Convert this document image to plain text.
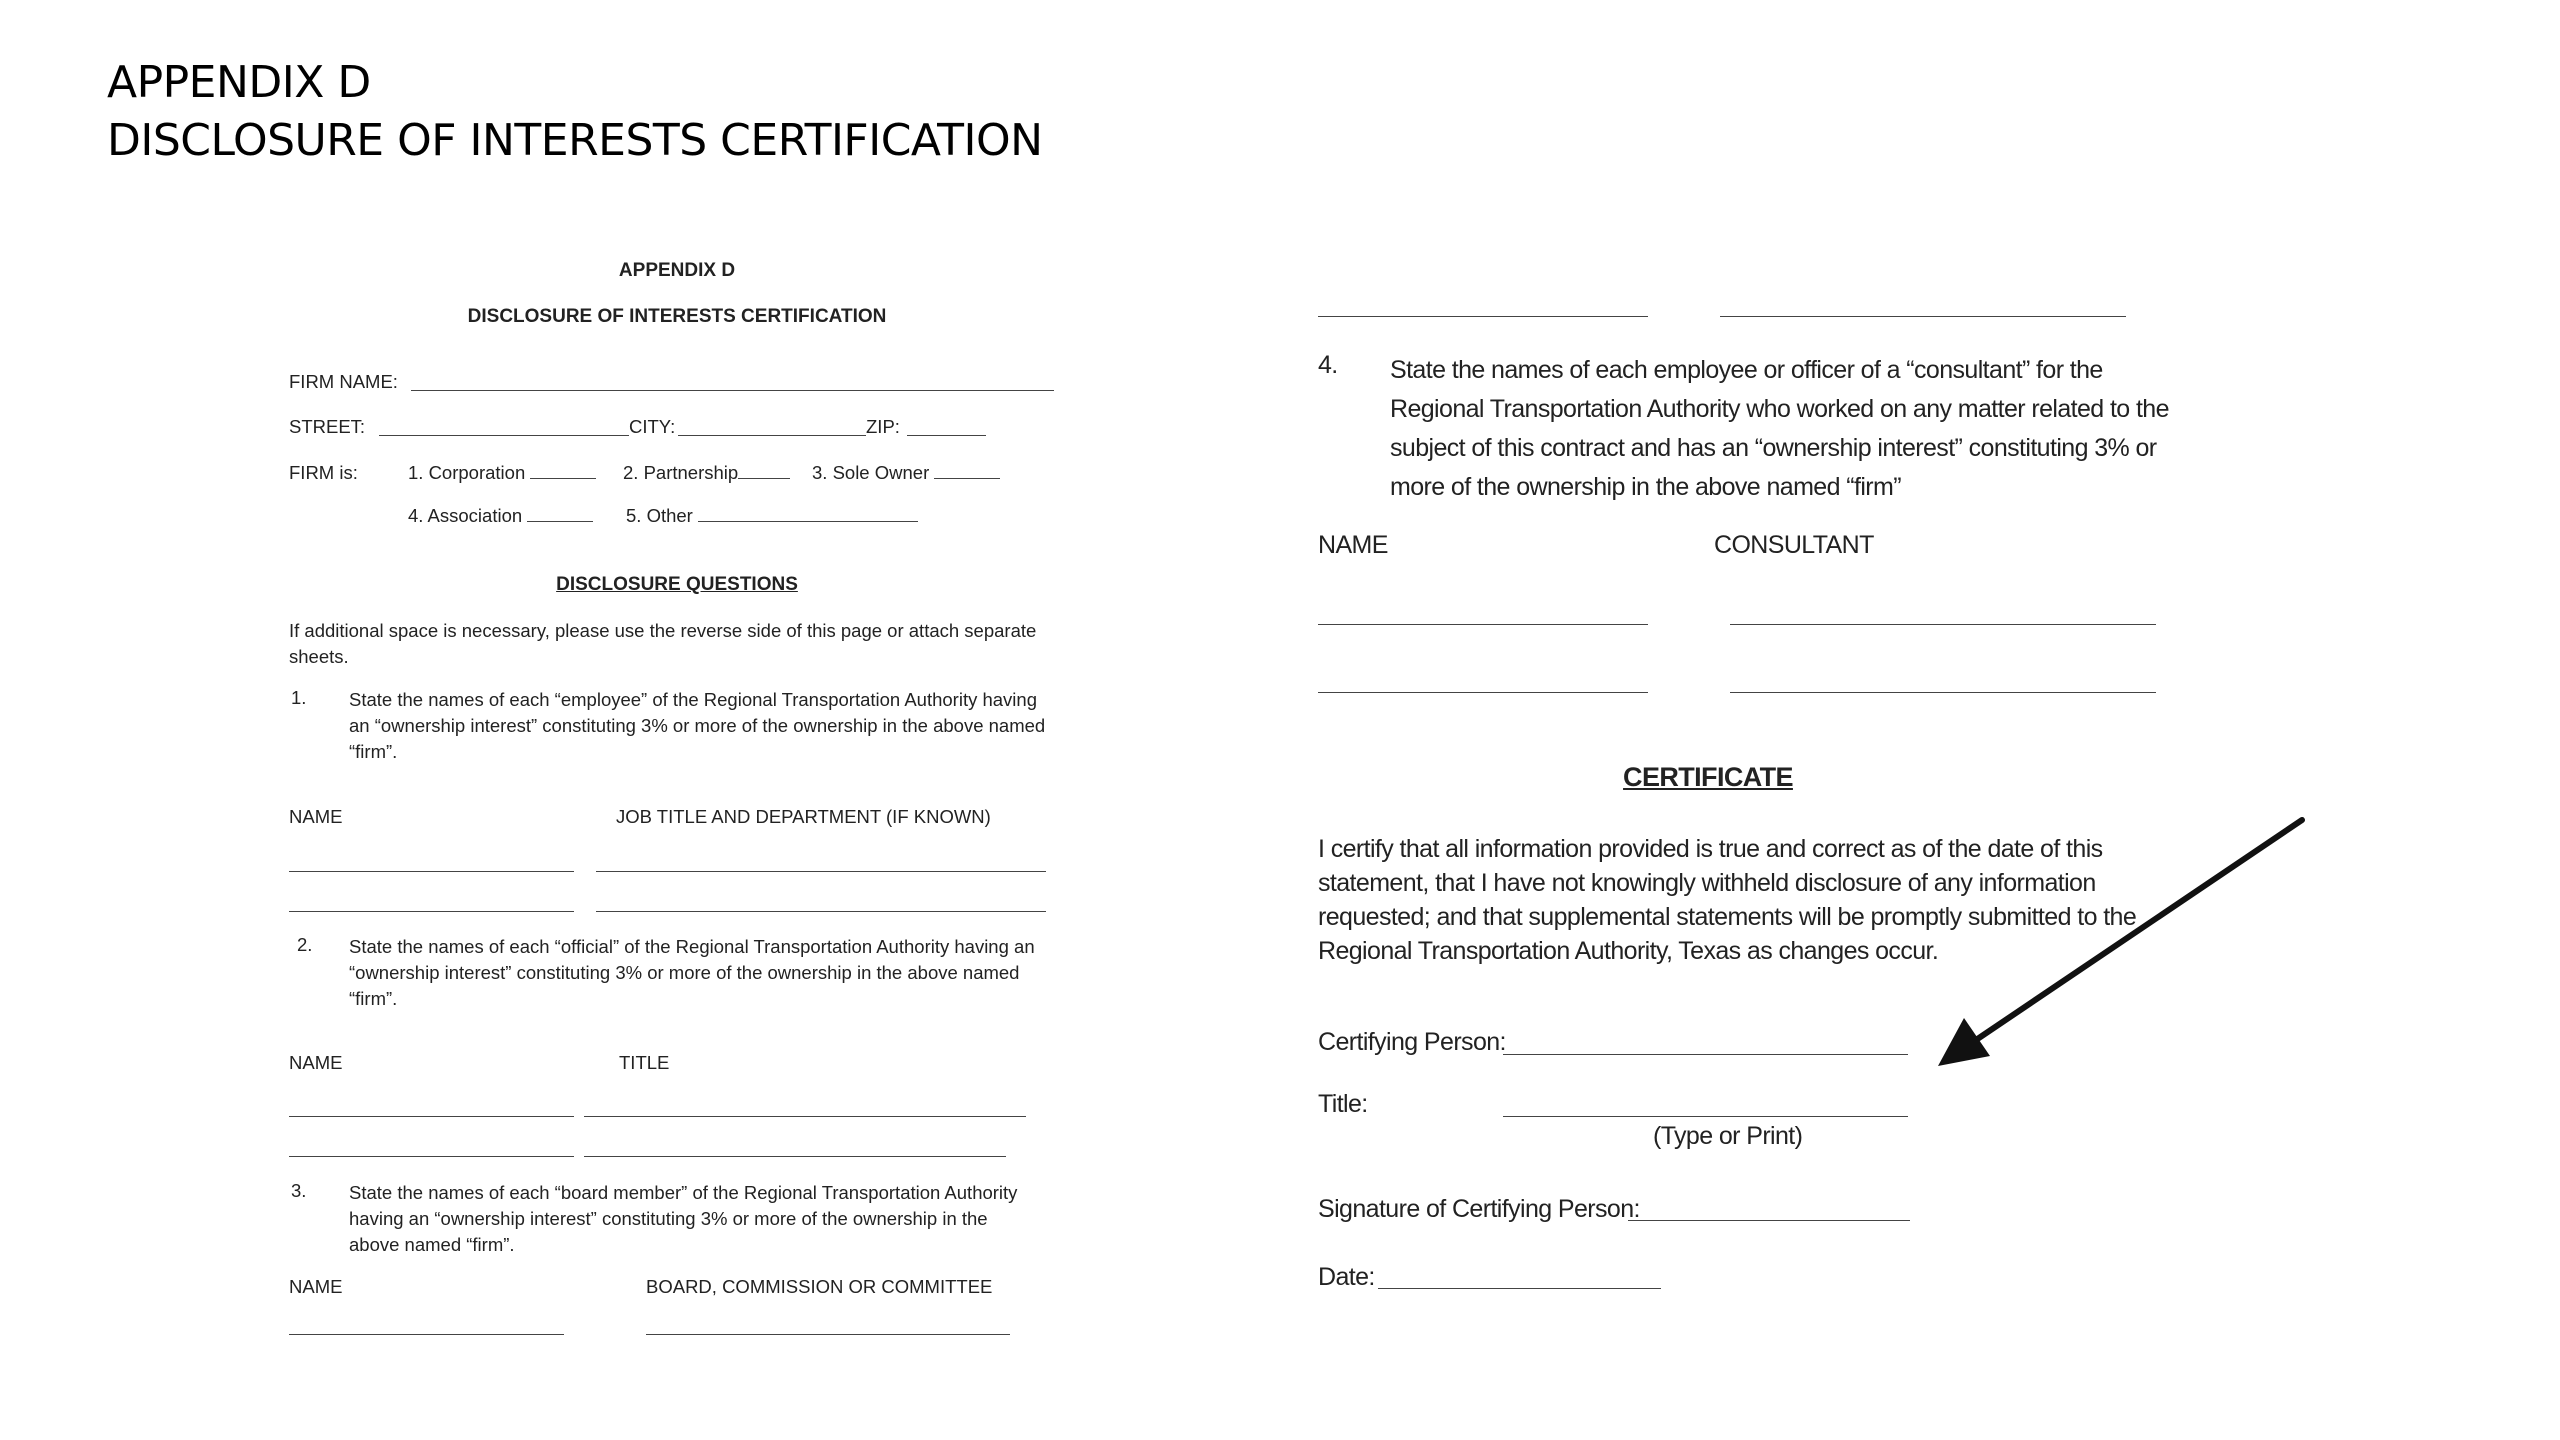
APPENDIX D
DISCLOSURE OF INTERESTS CERTIFICATION
APPENDIX D
DISCLOSURE OF INTERESTS CERTIFICATION
FIRM NAME:
STREET:	CITY:	ZIP:
FIRM is:	1. Corporation	2. Partnership	3. Sole Owner
4. Association	5. Other
DISCLOSURE QUESTIONS
If additional space is necessary, please use the reverse side of this page or attach separate sheets.
1. State the names of each “employee” of the Regional Transportation Authority having an “ownership interest” constituting 3% or more of the ownership in the above named “firm”.
NAME	JOB TITLE AND DEPARTMENT (IF KNOWN)
2. State the names of each “official” of the Regional Transportation Authority having an “ownership interest” constituting 3% or more of the ownership in the above named “firm”.
NAME	TITLE
3. State the names of each “board member” of the Regional Transportation Authority having an “ownership interest” constituting 3% or more of the ownership in the above named “firm”.
NAME	BOARD, COMMISSION OR COMMITTEE
4. State the names of each employee or officer of a “consultant” for the Regional Transportation Authority who worked on any matter related to the subject of this contract and has an “ownership interest” constituting 3% or more of the ownership in the above named “firm”
NAME	CONSULTANT
CERTIFICATE
I certify that all information provided is true and correct as of the date of this statement, that I have not knowingly withheld disclosure of any information requested; and that supplemental statements will be promptly submitted to the Regional Transportation Authority, Texas as changes occur.
Certifying Person:
Title:
(Type or Print)
Signature of Certifying Person:
Date:
